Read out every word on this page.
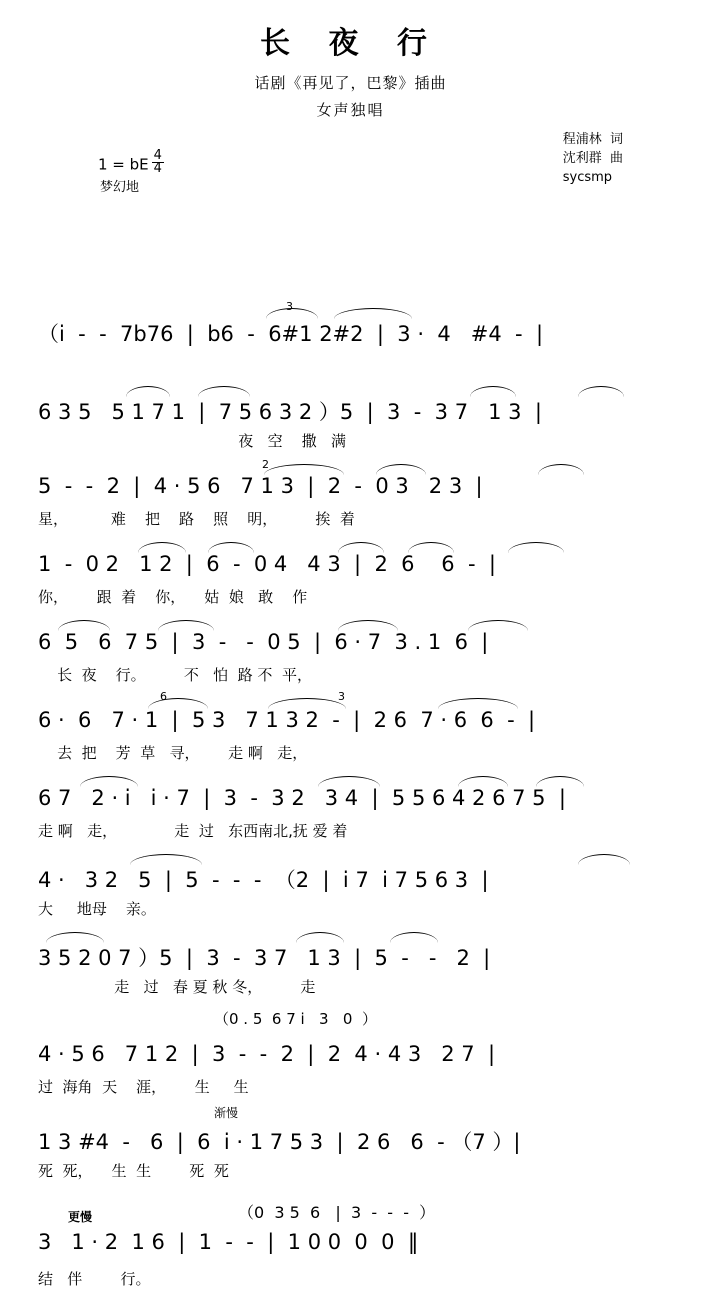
长 夜 行
话剧《再见了，巴黎》插曲
女声独唱
程浦林  词
沈利群  曲
sycsmp
1 = bE $\frac{4}{4}$
梦幻地
3
（i  -  -  7b76  |  b6  -  6#1 2#2  |  3 ·  4   #4  -  |
6 3 5   5 1 7 1  |  7 5 6 3 2 ）5  |  3  -  3 7   1 3  |
夜   空    撒   满
2
5  -  -  2  |  4 · 5 6   7 1 3  |  2  -  0 3   2 3  |
星，         难    把    路    照    明，        挨  着
1  -  0 2   1 2  |  6  -  0 4   4 3  |  2  6    6  -  |
你，      跟  着    你，    姑  娘   敢    作
6  5   6  7 5  |  3  -   -  0 5  |  6 · 7  3 . 1  6  |
长  夜    行。        不   怕  路 不  平，
6	3
6 ·  6   7 · 1  |  5 3   7 1 3 2  -  |  2 6  7 · 6  6  -  |
去  把    芳  草   寻，      走 啊   走，
6 7   2 · i   i · 7  |  3  -  3 2   3 4  |  5 5 6 4 2 6 7 5  |
走 啊   走，            走  过   东西南北,抚 爱 着
4 ·   3 2   5  |  5  -  -  -  （2  |  i 7  i 7 5 6 3  |
大     地母    亲。
3 5 2 0 7 ）5  |  3  -  3 7   1 3  |  5  -   -   2  |
走   过   春 夏 秋 冬，        走
4 · 5 6   7 1 2  |  3  -  -  2  |  2  4 · 4 3   2 7  |
过  海角  天    涯，      生     生
（0 . 5  6 7 i   3   0  ）
渐慢
1 3 #4  -   6  |  6  i · 1 7 5 3  |  2 6   6  - （7 ）|
死  死，    生  生        死  死
更慢	（0  3 5  6   |  3  -  -  -  ）
3   1 · 2  1 6  |  1  -  -  |  1 0 0  0  0  ‖
结   伴        行。
